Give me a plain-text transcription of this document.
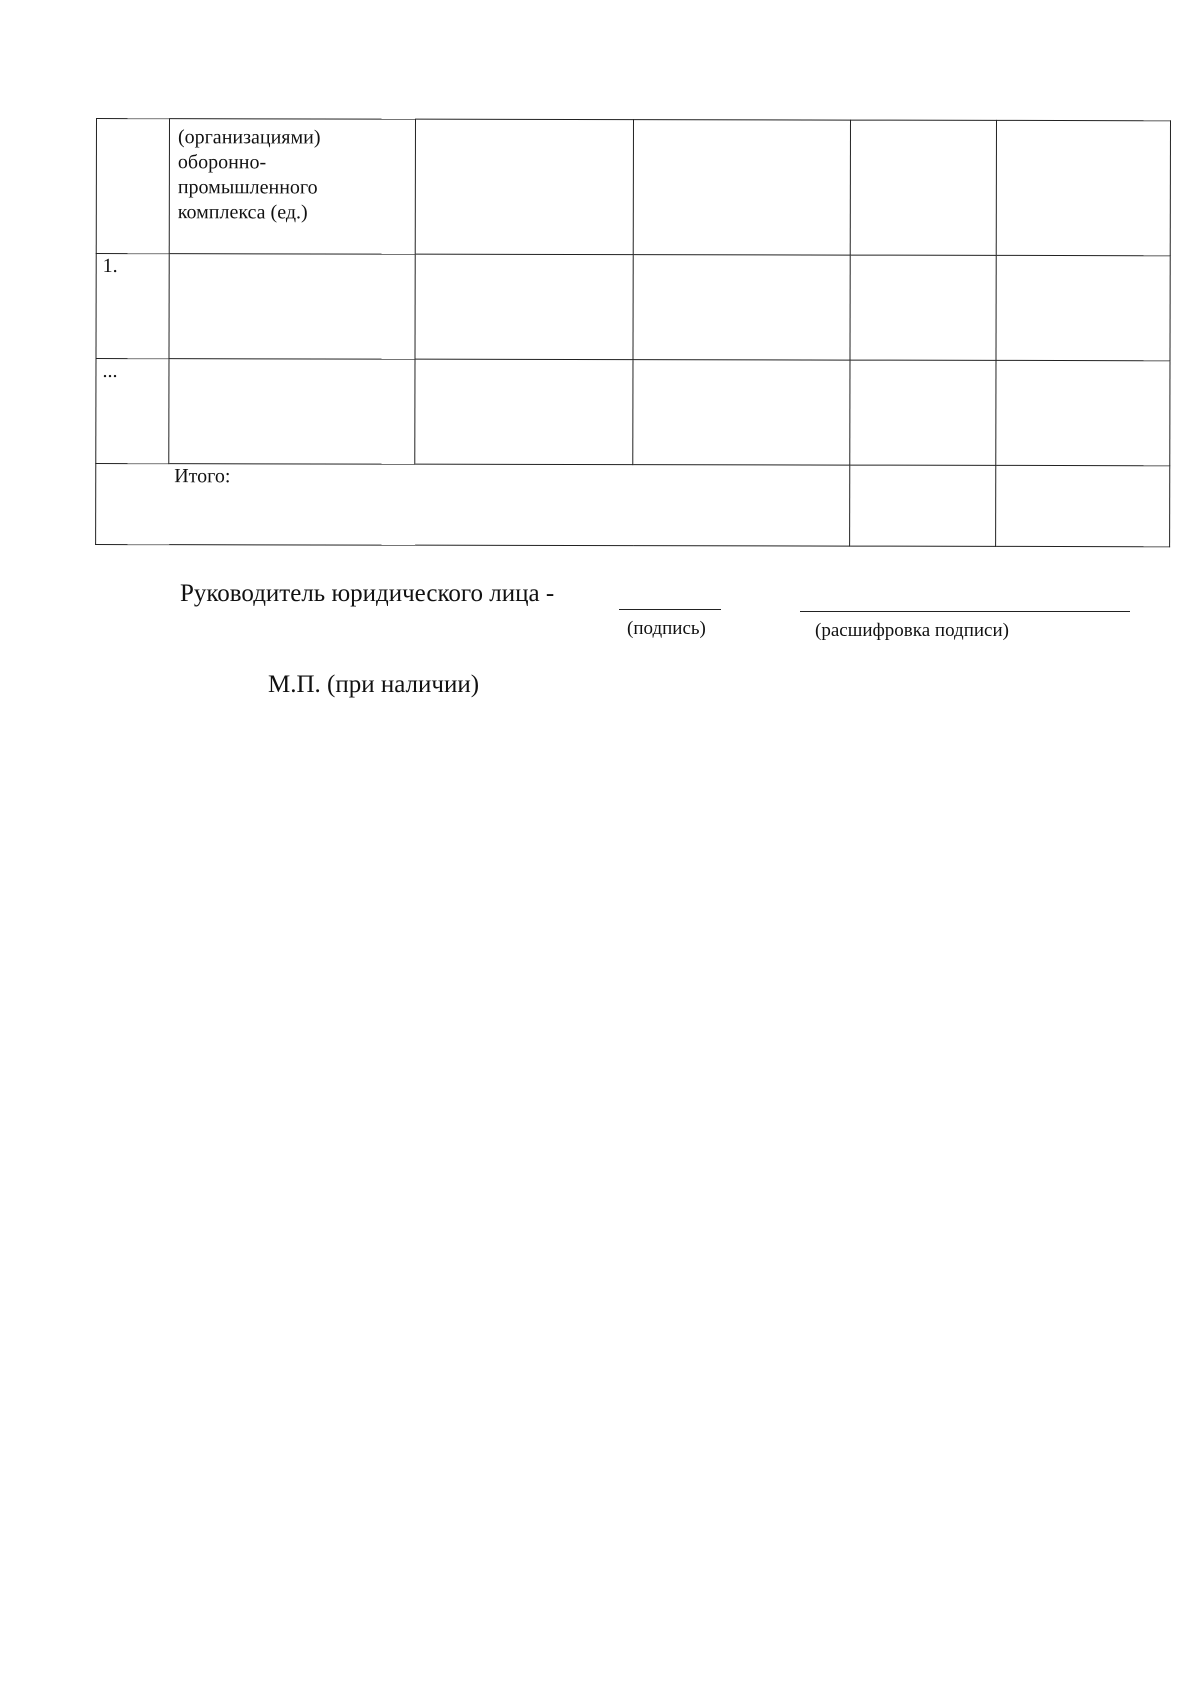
	(организациями) оборонно-промышленного комплекса (ед.)				

1.					

...					

Итого:					

Руководитель юридического лица -
(подпись)	(расшифровка подписи)
М.П. (при наличии)
